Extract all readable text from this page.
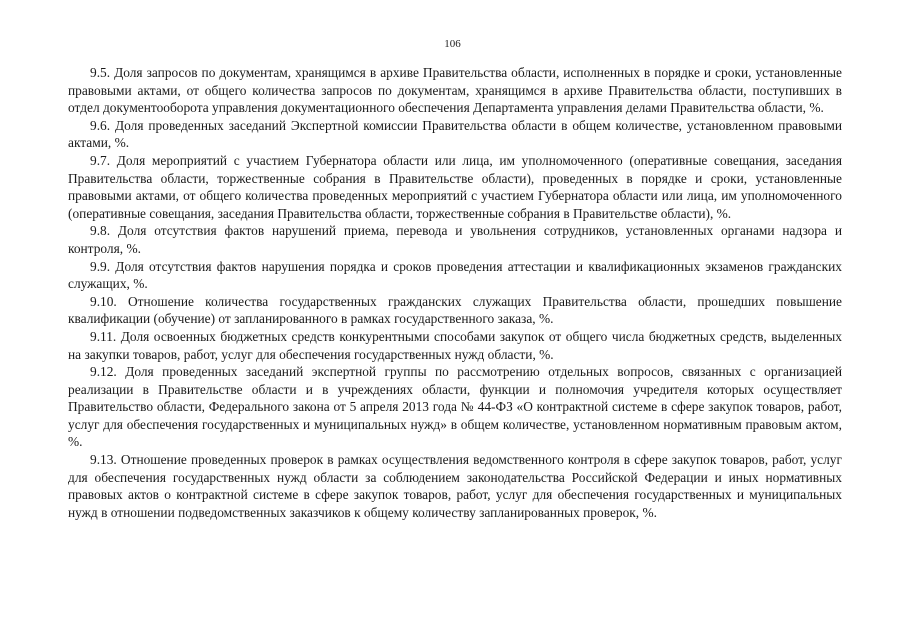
106

9.5. Доля запросов по документам, хранящимся в архиве Правительства области, исполненных в порядке и сроки, установленные правовыми актами, от общего количества запросов по документам, хранящимся в архиве Правительства области, поступивших в отдел документооборота управления документационного обеспечения Департамента управления делами Правительства области, %.

9.6. Доля проведенных заседаний Экспертной комиссии Правительства области в общем количестве, установленном правовыми актами, %.

9.7. Доля мероприятий с участием Губернатора области или лица, им уполномоченного (оперативные совещания, заседания Правительства области, торжественные собрания в Правительстве области), проведенных в порядке и сроки, установленные правовыми актами, от общего количества проведенных мероприятий с участием Губернатора области или лица, им уполномоченного (оперативные совещания, заседания Правительства области, торжественные собрания в Правительстве области), %.

9.8. Доля отсутствия фактов нарушений приема, перевода и увольнения сотрудников, установленных органами надзора и контроля, %.

9.9. Доля отсутствия фактов нарушения порядка и сроков проведения аттестации и квалификационных экзаменов гражданских служащих, %.

9.10. Отношение количества государственных гражданских служащих Правительства области, прошедших повышение квалификации (обучение) от запланированного в рамках государственного заказа, %.

9.11. Доля освоенных бюджетных средств конкурентными способами закупок от общего числа бюджетных средств, выделенных на закупки товаров, работ, услуг для обеспечения государственных нужд области, %.

9.12. Доля проведенных заседаний экспертной группы по рассмотрению отдельных вопросов, связанных с организацией реализации в Правительстве области и в учреждениях области, функции и полномочия учредителя которых осуществляет Правительство области, Федерального закона от 5 апреля 2013 года № 44-ФЗ «О контрактной системе в сфере закупок товаров, работ, услуг для обеспечения государственных и муниципальных нужд» в общем количестве, установленном нормативным правовым актом, %.

9.13. Отношение проведенных проверок в рамках осуществления ведомственного контроля в сфере закупок товаров, работ, услуг для обеспечения государственных нужд области за соблюдением законодательства Российской Федерации и иных нормативных правовых актов о контрактной системе в сфере закупок товаров, работ, услуг для обеспечения государственных и муниципальных нужд в отношении подведомственных заказчиков к общему количеству запланированных проверок, %.
